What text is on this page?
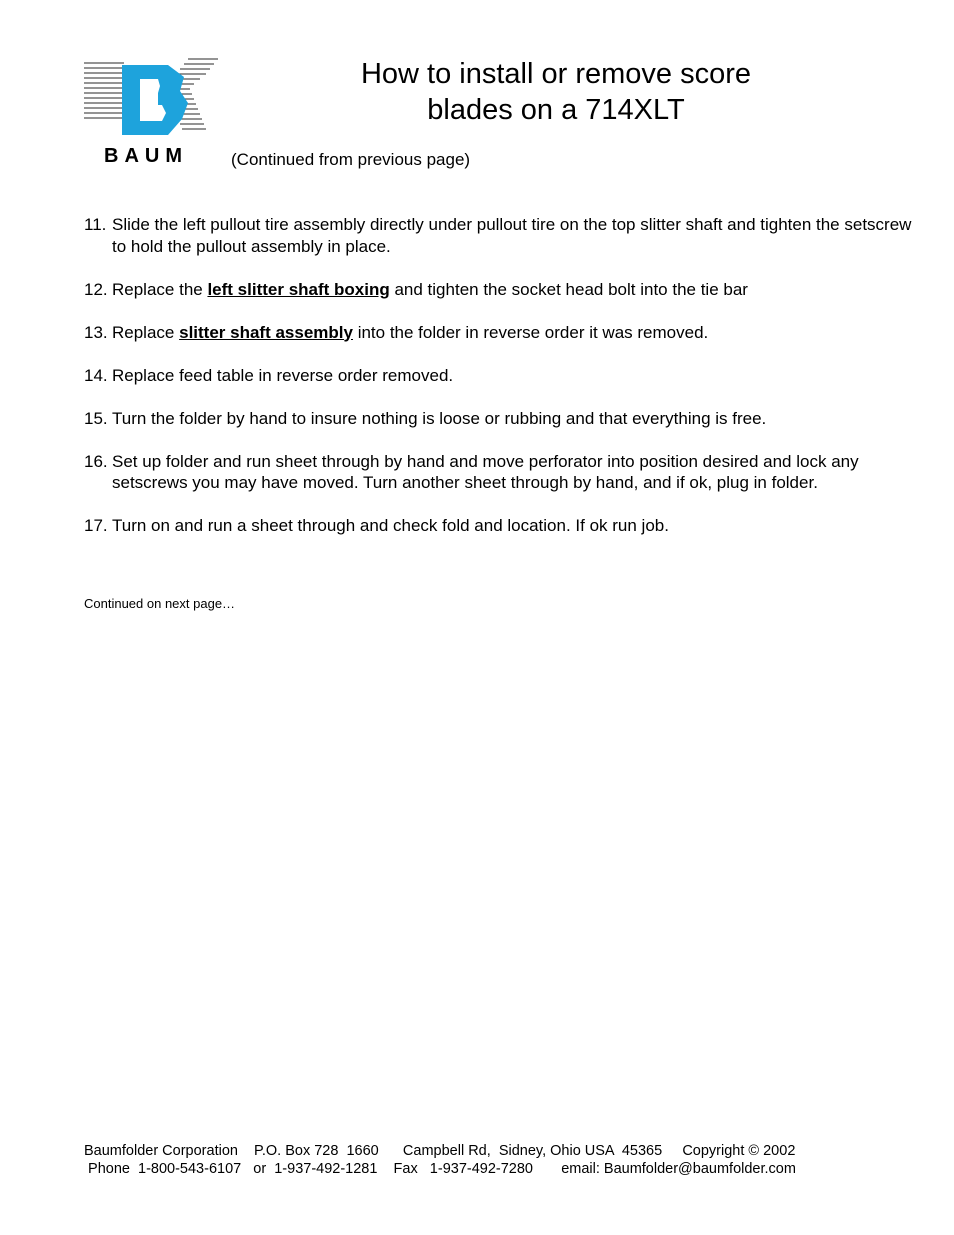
BAUM
How to install or remove score
blades on a 714XLT
(Continued from previous page)
11. Slide the left pullout tire assembly directly under pullout tire on the top slitter shaft and tighten the setscrew to hold the pullout assembly in place.
12. Replace the left slitter shaft boxing and tighten the socket head bolt into the tie bar
13. Replace slitter shaft assembly into the folder in reverse order it was removed.
14. Replace feed table in reverse order removed.
15. Turn the folder by hand to insure nothing is loose or rubbing and that everything is free.
16. Set up folder and run sheet through by hand and move perforator into position desired and lock any setscrews you may have moved. Turn another sheet through by hand, and if ok, plug in folder.
17. Turn on and run a sheet through and check fold and location. If ok run job.
Continued on next page…
Baumfolder Corporation    P.O. Box 728  1660      Campbell Rd,  Sidney, Ohio USA  45365     Copyright © 2002
Phone  1-800-543-6107   or  1-937-492-1281    Fax   1-937-492-7280       email: Baumfolder@baumfolder.com
